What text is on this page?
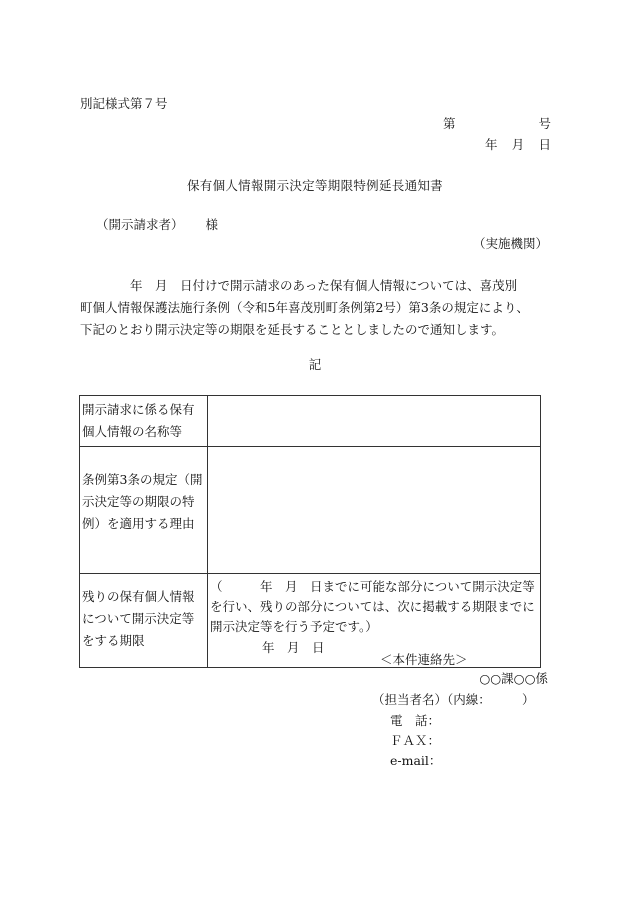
別記様式第７号
第	号
年 月 日
保有個人情報開示決定等期限特例延長通知書
（開示請求者） 様
（実施機関）

　　　　年　月　日付けで開示請求のあった保有個人情報については、喜茂別

町個人情報保護法施行条例（令和5年喜茂別町条例第2号）第3条の規定により、

下記のとおり開示決定等の期限を延長することとしましたので通知します。

記
開示請求に係る保有個人情報の名称等	
条例第3条の規定（開示決定等の期限の特例）を適用する理由	
残りの保有個人情報について開示決定等をする期限	（　　　年　月　日までに可能な部分について開示決定等を行い、残りの部分については、次に掲載する期限までに開示決定等を行う予定です。）
年　月　日
＜本件連絡先＞
○○課○○係
（担当者名）（内線：　　　）
電　話：
ＦＡＸ：
e-mail：
